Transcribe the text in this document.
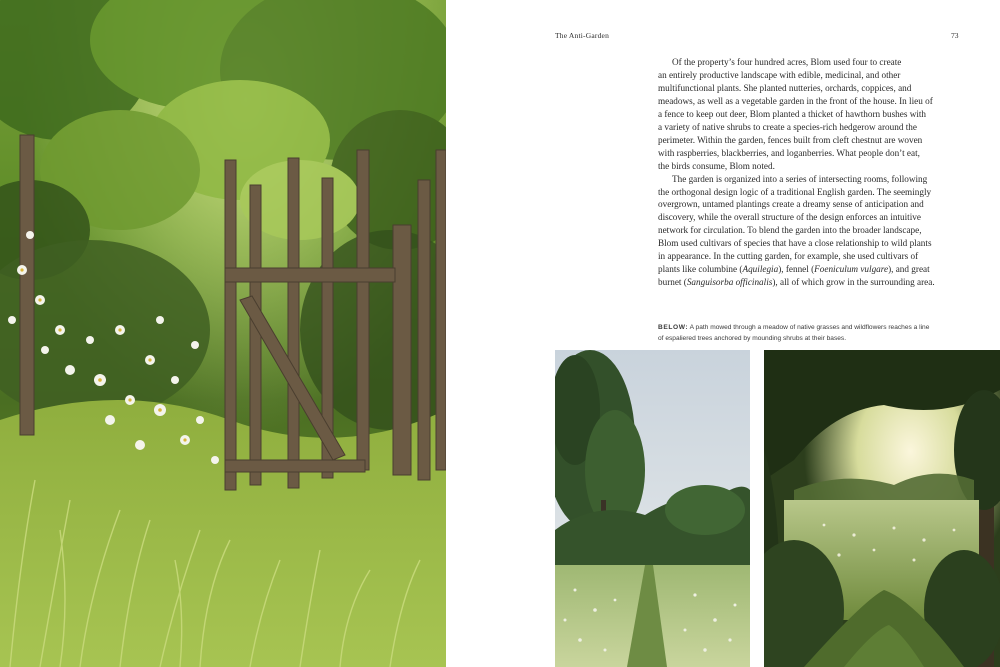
The Anti-Garden	73

Of the property’s four hundred acres, Blom used four to create
an entirely productive landscape with edible, medicinal, and other
multifunctional plants. She planted nutteries, orchards, coppices, and
meadows, as well as a vegetable garden in the front of the house. In lieu of
a fence to keep out deer, Blom planted a thicket of hawthorn bushes with
a variety of native shrubs to create a species-rich hedgerow around the
perimeter. Within the garden, fences built from cleft chestnut are woven
with raspberries, blackberries, and loganberries. What people don’t eat,
the birds consume, Blom noted.

The garden is organized into a series of intersecting rooms, following
the orthogonal design logic of a traditional English garden. The seemingly
overgrown, untamed plantings create a dreamy sense of anticipation and
discovery, while the overall structure of the design enforces an intuitive
network for circulation. To blend the garden into the broader landscape,
Blom used cultivars of species that have a close relationship to wild plants
in appearance. In the cutting garden, for example, she used cultivars of
plants like columbine (Aquilegia), fennel (Foeniculum vulgare), and great
burnet (Sanguisorba officinalis), all of which grow in the surrounding area.

BELOW: A path mowed through a meadow of native grasses and wildflowers reaches a line
of espaliered trees anchored by mounding shrubs at their bases.
